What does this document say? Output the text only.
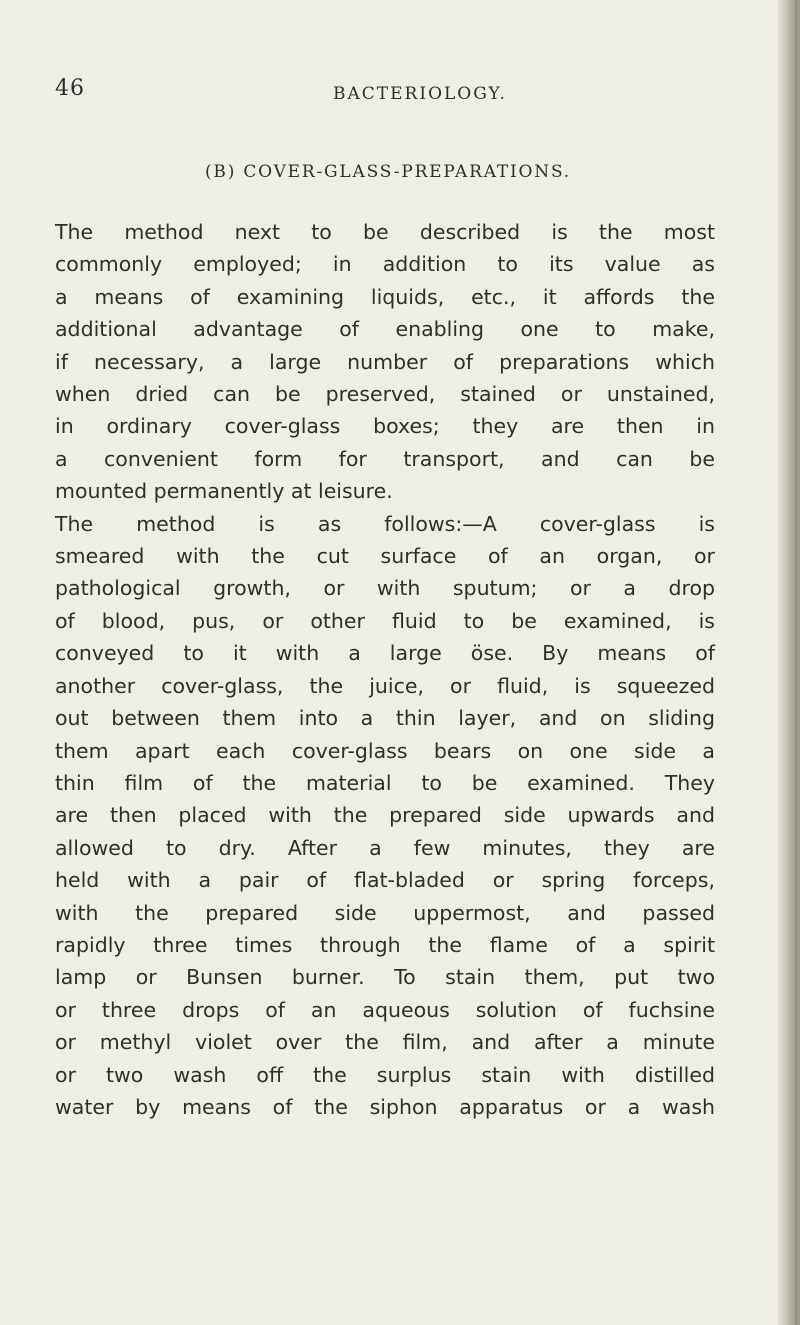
46	BACTERIOLOGY.
(B) COVER-GLASS-PREPARATIONS.

The method next to be described is the most
commonly employed; in addition to its value as
a means of examining liquids, etc., it affords the
additional advantage of enabling one to make,
if necessary, a large number of preparations which
when dried can be preserved, stained or unstained,
in ordinary cover-glass boxes; they are then in
a convenient form for transport, and can be
mounted permanently at leisure.

The method is as follows:—A cover-glass is
smeared with the cut surface of an organ, or
pathological growth, or with sputum; or a drop
of blood, pus, or other fluid to be examined, is
conveyed to it with a large öse. By means of
another cover-glass, the juice, or fluid, is squeezed
out between them into a thin layer, and on sliding
them apart each cover-glass bears on one side a
thin film of the material to be examined. They
are then placed with the prepared side upwards and
allowed to dry. After a few minutes, they are
held with a pair of flat-bladed or spring forceps,
with the prepared side uppermost, and passed
rapidly three times through the flame of a spirit
lamp or Bunsen burner. To stain them, put two
or three drops of an aqueous solution of fuchsine
or methyl violet over the film, and after a minute
or two wash off the surplus stain with distilled
water by means of the siphon apparatus or a wash
